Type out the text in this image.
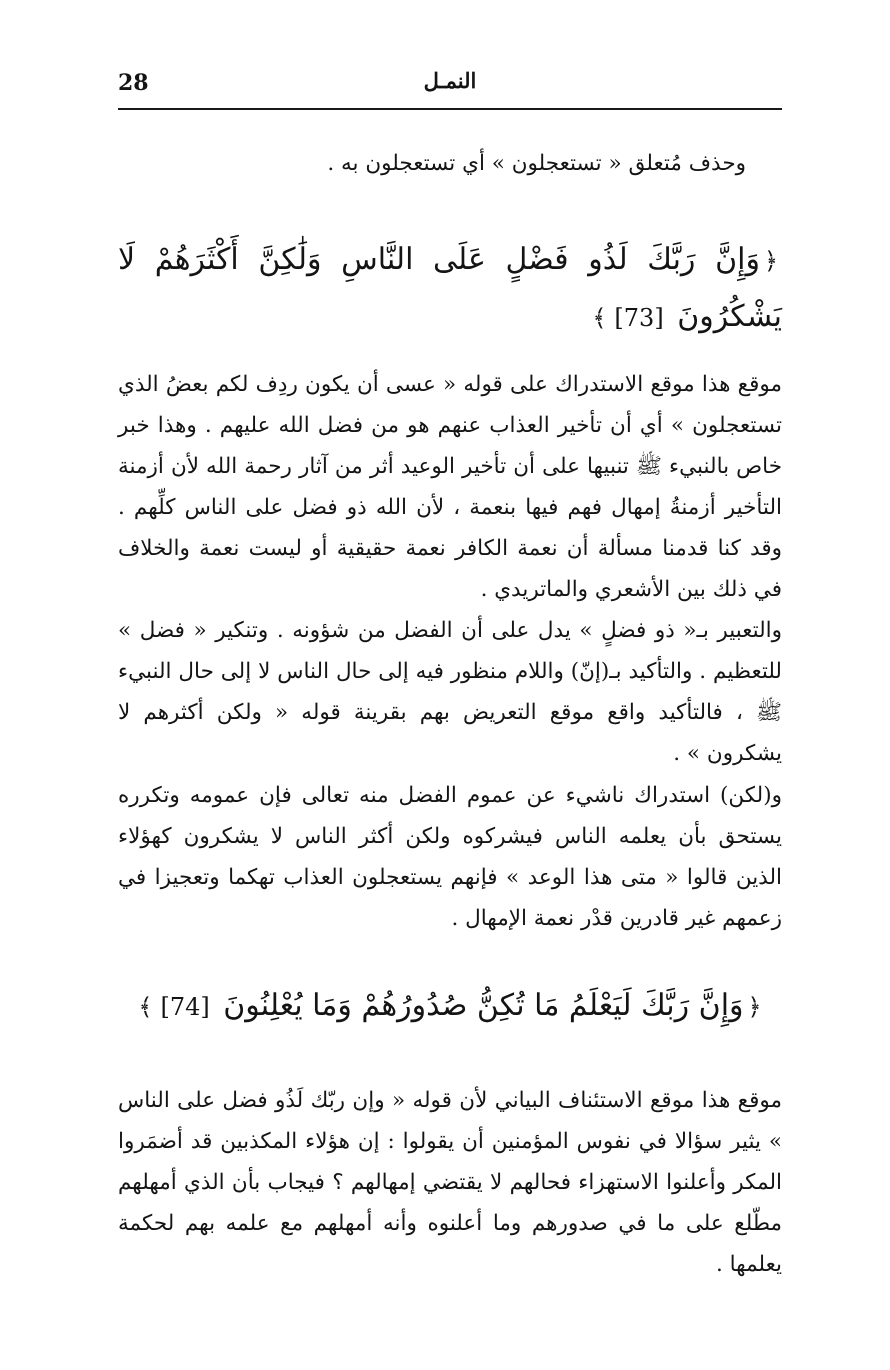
28	النمـل

وحذف مُتعلق « تستعجلون » أي تستعجلون به .

﴿وَإِنَّ رَبَّكَ لَذُو فَضْلٍ عَلَى النَّاسِ وَلَٰكِنَّ أَكْثَرَهُمْ لَا يَشْكُرُونَ [73]﴾

موقع هذا موقع الاستدراك على قوله « عسى أن يكون ردِف لكم بعضُ الذي تستعجلون » أي أن تأخير العذاب عنهم هو من فضل الله عليهم . وهذا خبر خاص بالنبيء ﷺ تنبيها على أن تأخير الوعيد أثر من آثار رحمة الله لأن أزمنة التأخير أزمنةُ إمهال فهم فيها بنعمة ، لأن الله ذو فضل على الناس كلِّهم . وقد كنا قدمنا مسألة أن نعمة الكافر نعمة حقيقية أو ليست نعمة والخلاف في ذلك بين الأشعري والماتريدي .

والتعبير بـ« ذو فضلٍ » يدل على أن الفضل من شؤونه . وتنكير « فضل » للتعظيم . والتأكيد بـ(إنّ) واللام منظور فيه إلى حال الناس لا إلى حال النبيء ﷺ ، فالتأكيد واقع موقع التعريض بهم بقرينة قوله « ولكن أكثرهم لا يشكرون » .

و(لكن) استدراك ناشيء عن عموم الفضل منه تعالى فإن عمومه وتكرره يستحق بأن يعلمه الناس فيشركوه ولكن أكثر الناس لا يشكرون كهؤلاء الذين قالوا « متى هذا الوعد » فإنهم يستعجلون العذاب تهكما وتعجيزا في زعمهم غير قادرين قدْر نعمة الإمهال .

﴿وَإِنَّ رَبَّكَ لَيَعْلَمُ مَا تُكِنُّ صُدُورُهُمْ وَمَا يُعْلِنُونَ [74]﴾

موقع هذا موقع الاستئناف البياني لأن قوله « وإن ربّك لَذُو فضل على الناس » يثير سؤالا في نفوس المؤمنين أن يقولوا : إن هؤلاء المكذبين قد أضمَروا المكر وأعلنوا الاستهزاء فحالهم لا يقتضي إمهالهم ؟ فيجاب بأن الذي أمهلهم مطّلع على ما في صدورهم وما أعلنوه وأنه أمهلهم مع علمه بهم لحكمة يعلمها .
